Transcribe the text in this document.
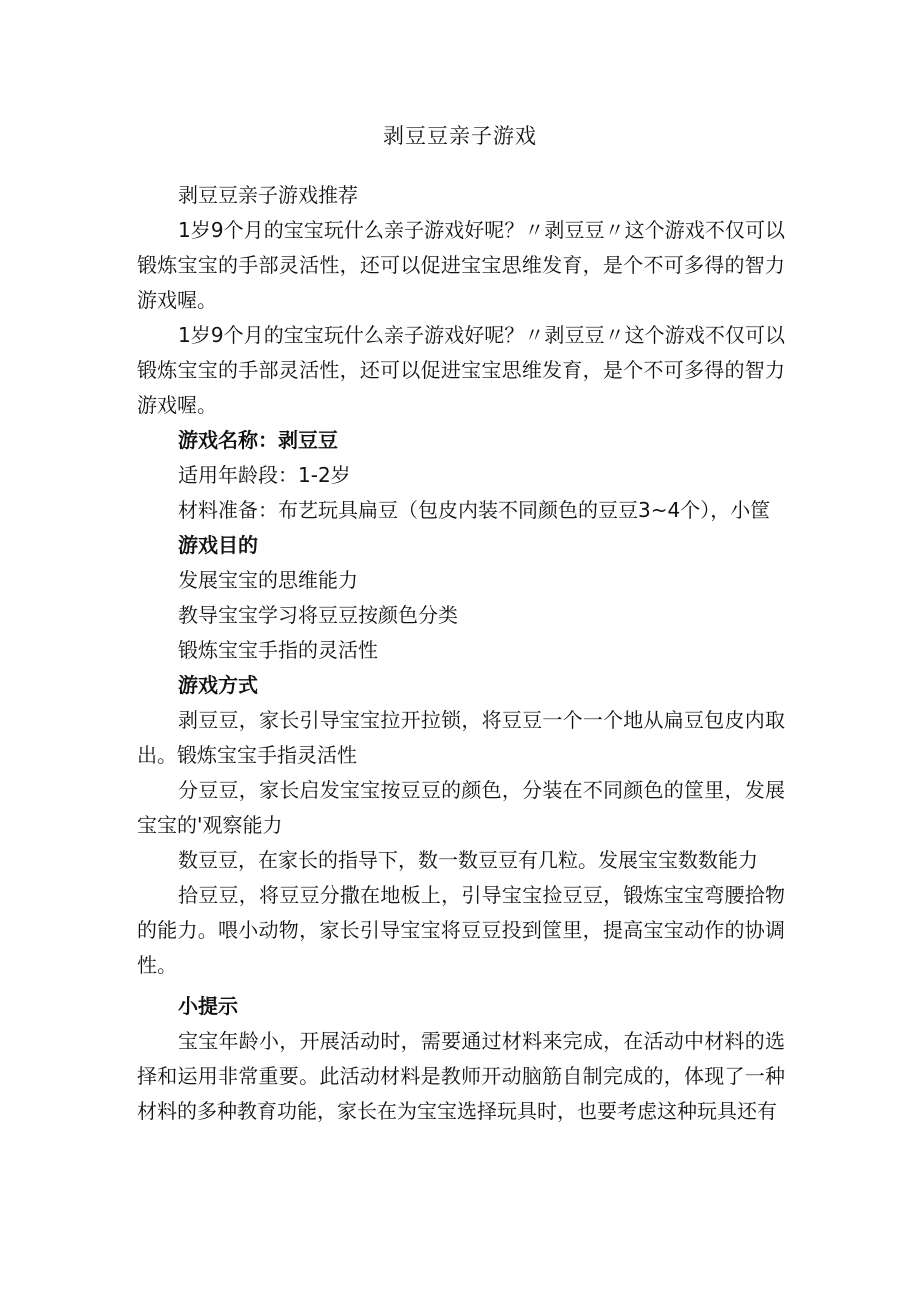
剥豆豆亲子游戏

剥豆豆亲子游戏推荐

1岁9个月的宝宝玩什么亲子游戏好呢？〃剥豆豆〃这个游戏不仅可以锻炼宝宝的手部灵活性，还可以促进宝宝思维发育，是个不可多得的智力游戏喔。

1岁9个月的宝宝玩什么亲子游戏好呢？〃剥豆豆〃这个游戏不仅可以锻炼宝宝的手部灵活性，还可以促进宝宝思维发育，是个不可多得的智力游戏喔。

游戏名称：剥豆豆

适用年龄段：1-2岁

材料准备：布艺玩具扁豆（包皮内装不同颜色的豆豆3~4个），小筐

游戏目的

发展宝宝的思维能力

教导宝宝学习将豆豆按颜色分类

锻炼宝宝手指的灵活性

游戏方式

剥豆豆，家长引导宝宝拉开拉锁，将豆豆一个一个地从扁豆包皮内取出。锻炼宝宝手指灵活性

分豆豆，家长启发宝宝按豆豆的颜色，分装在不同颜色的筐里，发展宝宝的'观察能力

数豆豆，在家长的指导下，数一数豆豆有几粒。发展宝宝数数能力

拾豆豆，将豆豆分撒在地板上，引导宝宝捡豆豆，锻炼宝宝弯腰拾物的能力。喂小动物，家长引导宝宝将豆豆投到筐里，提高宝宝动作的协调性。

小提示

宝宝年龄小，开展活动时，需要通过材料来完成，在活动中材料的选择和运用非常重要。此活动材料是教师开动脑筋自制完成的，体现了一种材料的多种教育功能，家长在为宝宝选择玩具时，也要考虑这种玩具还有
